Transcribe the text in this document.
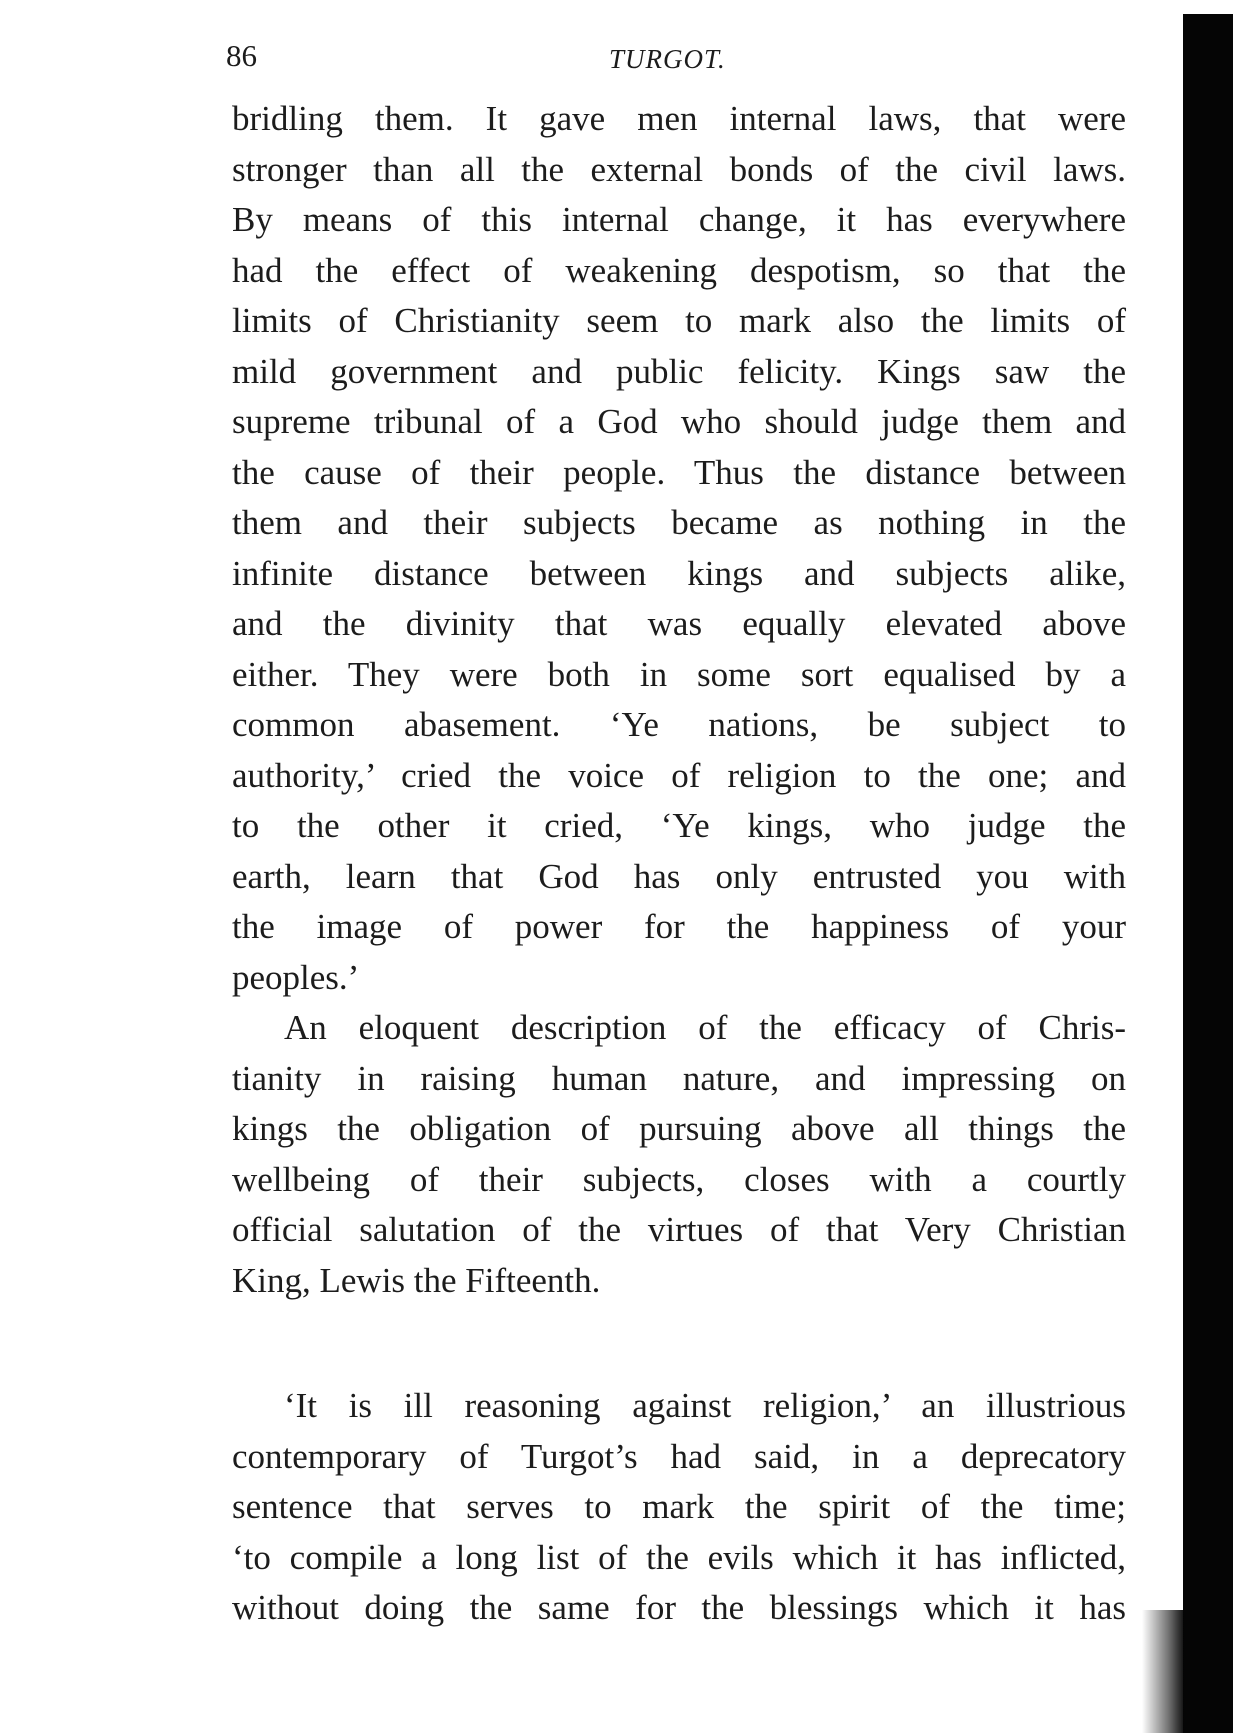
86	TURGOT.
bridling them. It gave men internal laws, that were
stronger than all the external bonds of the civil laws.
By means of this internal change, it has everywhere
had the effect of weakening despotism, so that the
limits of Christianity seem to mark also the limits of
mild government and public felicity. Kings saw the
supreme tribunal of a God who should judge them and
the cause of their people. Thus the distance between
them and their subjects became as nothing in the
infinite distance between kings and subjects alike,
and the divinity that was equally elevated above
either. They were both in some sort equalised by a
common abasement. ‘Ye nations, be subject to
authority,’ cried the voice of religion to the one; and
to the other it cried, ‘Ye kings, who judge the
earth, learn that God has only entrusted you with
the image of power for the happiness of your
peoples.’
An eloquent description of the efficacy of Chris-
tianity in raising human nature, and impressing on
kings the obligation of pursuing above all things the
wellbeing of their subjects, closes with a courtly
official salutation of the virtues of that Very Christian
King, Lewis the Fifteenth.
‘It is ill reasoning against religion,’ an illustrious
contemporary of Turgot’s had said, in a deprecatory
sentence that serves to mark the spirit of the time;
‘to compile a long list of the evils which it has inflicted,
without doing the same for the blessings which it has
